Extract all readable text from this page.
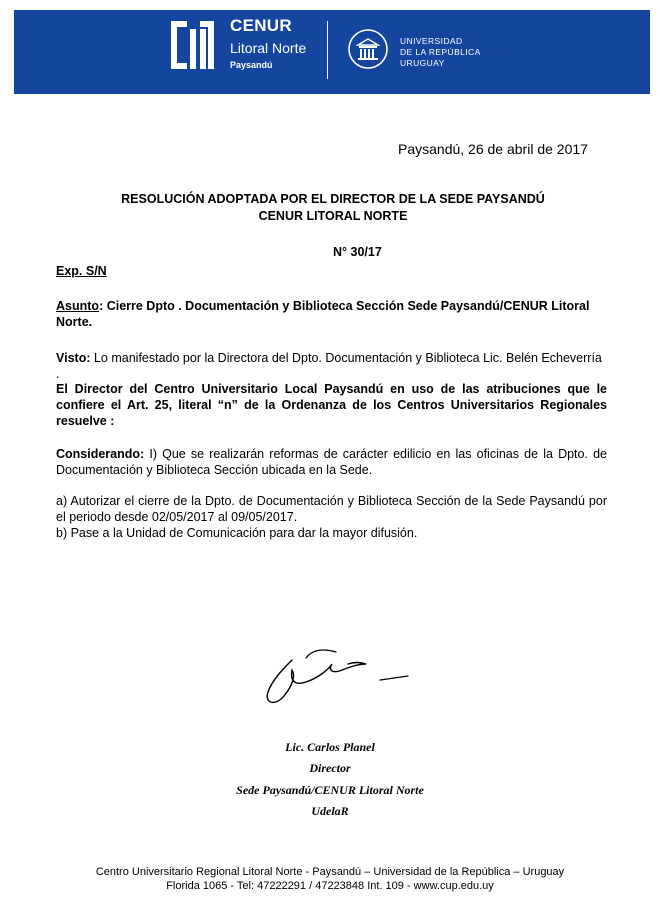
CENUR
Litoral Norte
Paysandú
UNIVERSIDAD
DE LA REPÚBLICA
URUGUAY
Paysandú, 26 de abril de 2017
RESOLUCIÓN ADOPTADA POR EL DIRECTOR DE LA SEDE PAYSANDÚ
CENUR LITORAL NORTE
N° 30/17
Exp. S/N
Asunto: Cierre Dpto . Documentación y Biblioteca Sección Sede Paysandú/CENUR Litoral Norte.
Visto: Lo manifestado por la Directora del Dpto. Documentación y Biblioteca Lic. Belén Echeverría .
El Director del Centro Universitario Local Paysandú en uso de las atribuciones que le confiere el Art. 25, literal “n” de la Ordenanza de los Centros Universitarios Regionales resuelve :
Considerando: I) Que se realizarán reformas de carácter edilicio en las oficinas de la Dpto. de Documentación y Biblioteca Sección ubicada en la Sede.
a) Autorizar el cierre de la Dpto. de Documentación y Biblioteca Sección de la Sede Paysandú por el periodo desde 02/05/2017 al 09/05/2017.
b) Pase a la Unidad de Comunicación para dar la mayor difusión.
Lic. Carlos Planel
Director
Sede Paysandú/CENUR Litoral Norte
UdelaR
Centro Universitario Regional Litoral Norte - Paysandú – Universidad de la República – Uruguay
Florida 1065 - Tel: 47222291 / 47223848 Int. 109 - www.cup.edu.uy
